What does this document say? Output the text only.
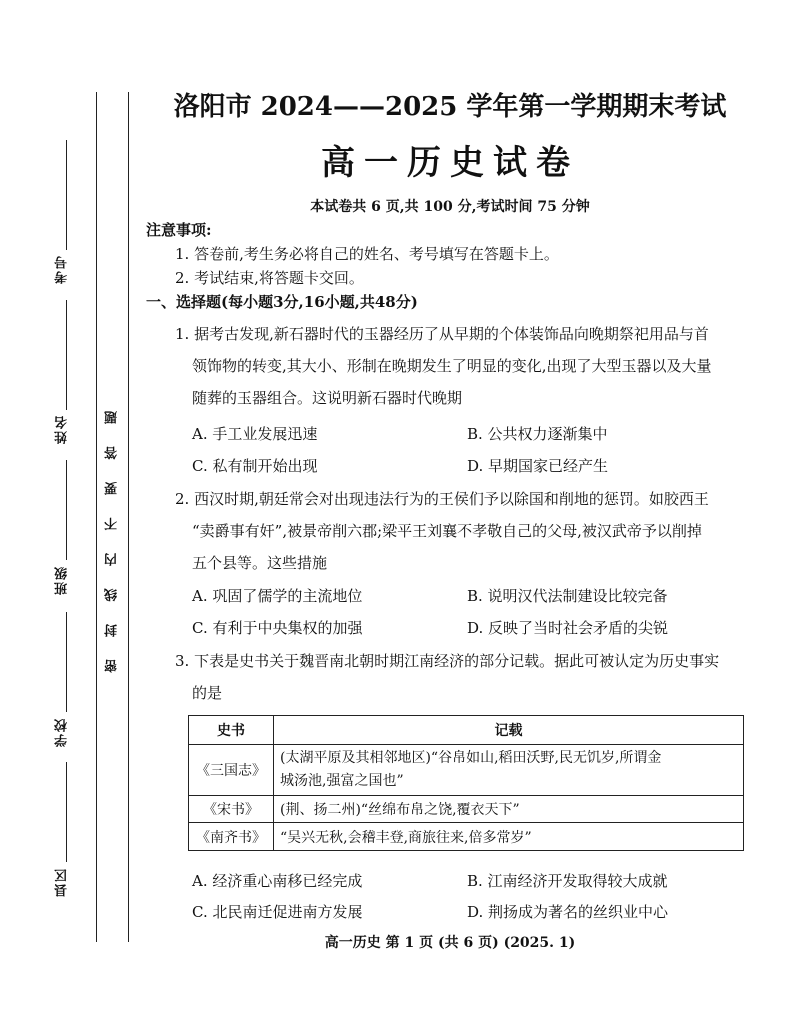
考号
姓名
班级
学校
县区
密 封 线 内 不 要 答 题
洛阳市 2024——2025 学年第一学期期末考试
高一历史试卷
本试卷共 6 页,共 100 分,考试时间 75 分钟
注意事项:
1. 答卷前,考生务必将自己的姓名、考号填写在答题卡上。
2. 考试结束,将答题卡交回。
一、选择题(每小题3分,16小题,共48分)
1. 据考古发现,新石器时代的玉器经历了从早期的个体装饰品向晚期祭祀用品与首
领饰物的转变,其大小、形制在晚期发生了明显的变化,出现了大型玉器以及大量
随葬的玉器组合。这说明新石器时代晚期
A. 手工业发展迅速	B. 公共权力逐渐集中
C. 私有制开始出现	D. 早期国家已经产生
2. 西汉时期,朝廷常会对出现违法行为的王侯们予以除国和削地的惩罚。如胶西王
“卖爵事有奸”,被景帝削六郡;梁平王刘襄不孝敬自己的父母,被汉武帝予以削掉
五个县等。这些措施
A. 巩固了儒学的主流地位	B. 说明汉代法制建设比较完备
C. 有利于中央集权的加强	D. 反映了当时社会矛盾的尖锐
3. 下表是史书关于魏晋南北朝时期江南经济的部分记载。据此可被认定为历史事实
的是
史书	记载
《三国志》	(太湖平原及其相邻地区)“谷帛如山,稻田沃野,民无饥岁,所谓金
城汤池,强富之国也”

《宋书》	(荆、扬二州)“丝绵布帛之饶,覆衣天下”

《南齐书》	“吴兴无秋,会稽丰登,商旅往来,倍多常岁”
A. 经济重心南移已经完成	B. 江南经济开发取得较大成就
C. 北民南迁促进南方发展	D. 荆扬成为著名的丝织业中心
高一历史 第 1 页 (共 6 页) (2025. 1)
